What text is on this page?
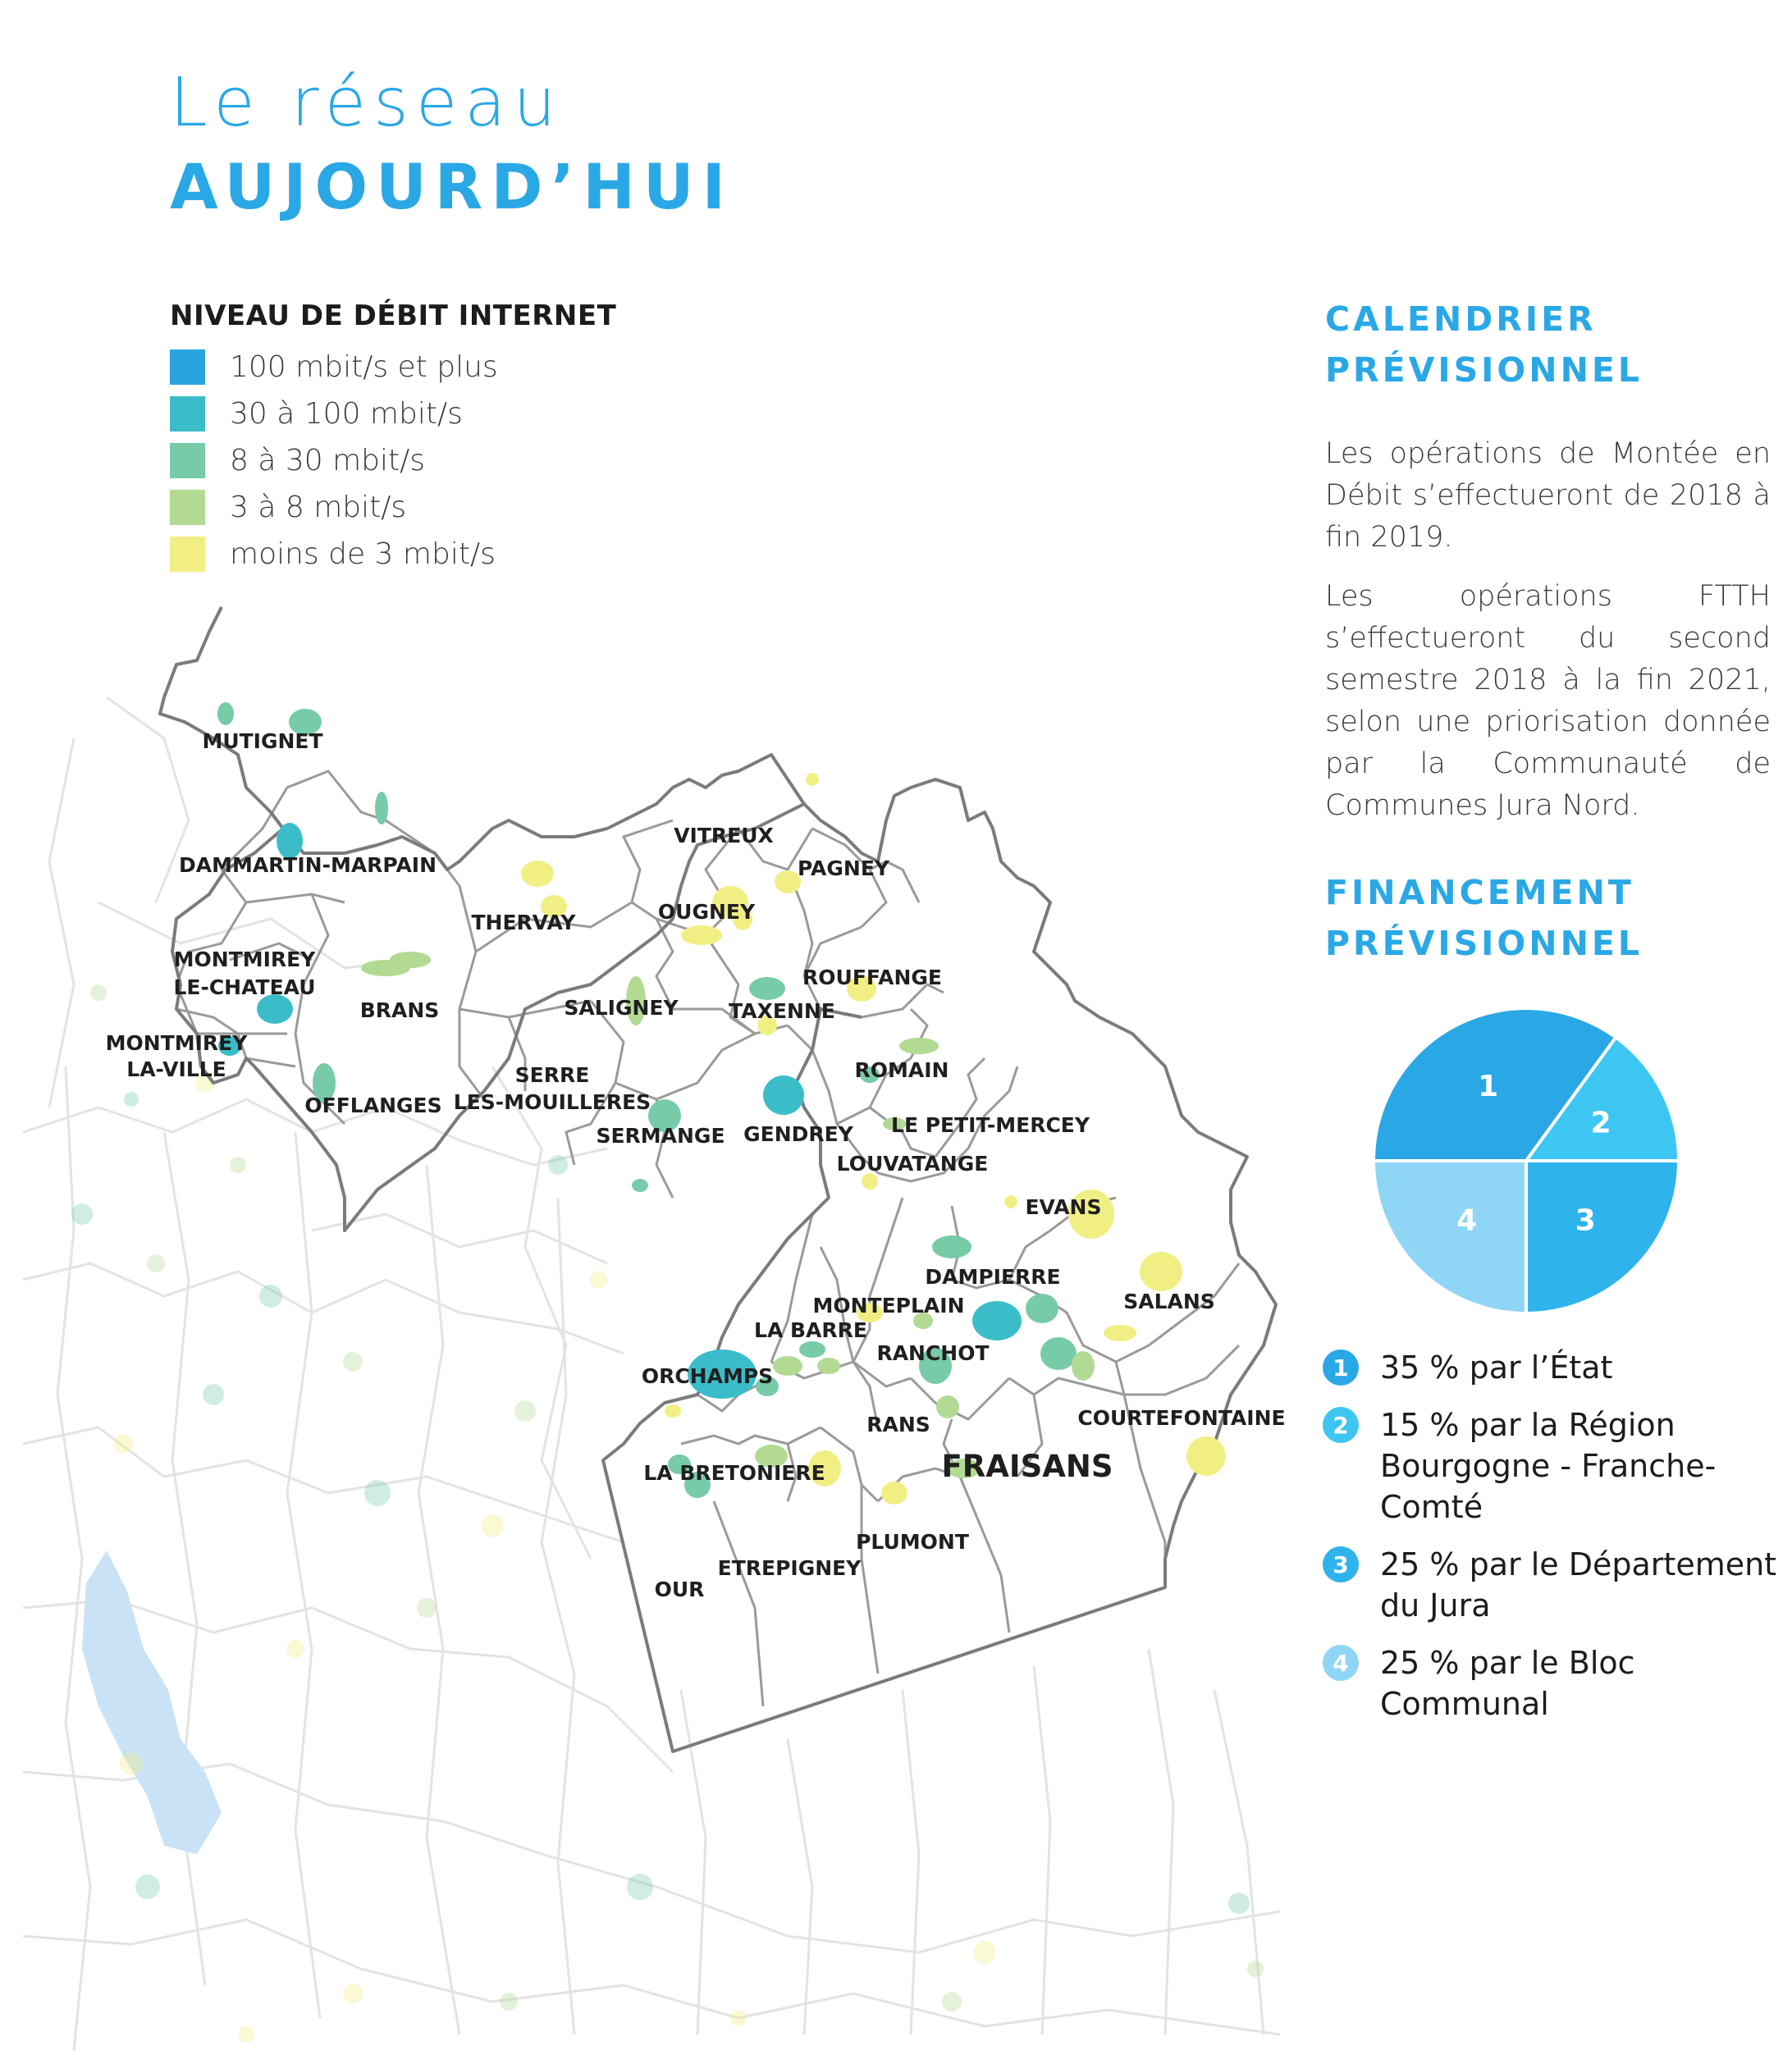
Le réseau
AUJOURD’HUI
NIVEAU DE DÉBIT INTERNET
100 mbit/s et plus
30 à 100 mbit/s
8 à 30 mbit/s
3 à 8 mbit/s
moins de 3 mbit/s
MUTIGNET
DAMMARTIN-MARPAIN
MONTMIREY
LE-CHATEAU
MONTMIREY
LA-VILLE
BRANS
OFFLANGES
THERVAY
VITREUX
PAGNEY
OUGNEY
SALIGNEY
ROUFFANGE
TAXENNE
SERRE
LES-MOUILLERES
SERMANGE GENDREY
ROMAIN
LE PETIT-MERCEY
LOUVATANGE
EVANS
DAMPIERRE
SALANS
MONTEPLAIN
LA BARRE
RANCHOT
ORCHAMPS
RANS	COURTEFONTAINE
LA BRETONIERE	FRAISANS
PLUMONT
ETREPIGNEY
OUR
CALENDRIER
PRÉVISIONNEL
Les opérations de Montée en Débit s’effectueront de 2018 à fin 2019.
Les opérations FTTH s’effectueront du second semestre 2018 à la fin 2021, selon une priorisation donnée par la Communauté de Communes Jura Nord.
FINANCEMENT
PRÉVISIONNEL
1
2
3
4
1	35 % par l’État
2	15 % par la Région Bourgogne - Franche-Comté
3	25 % par le Département du Jura
4	25 % par le Bloc Communal
